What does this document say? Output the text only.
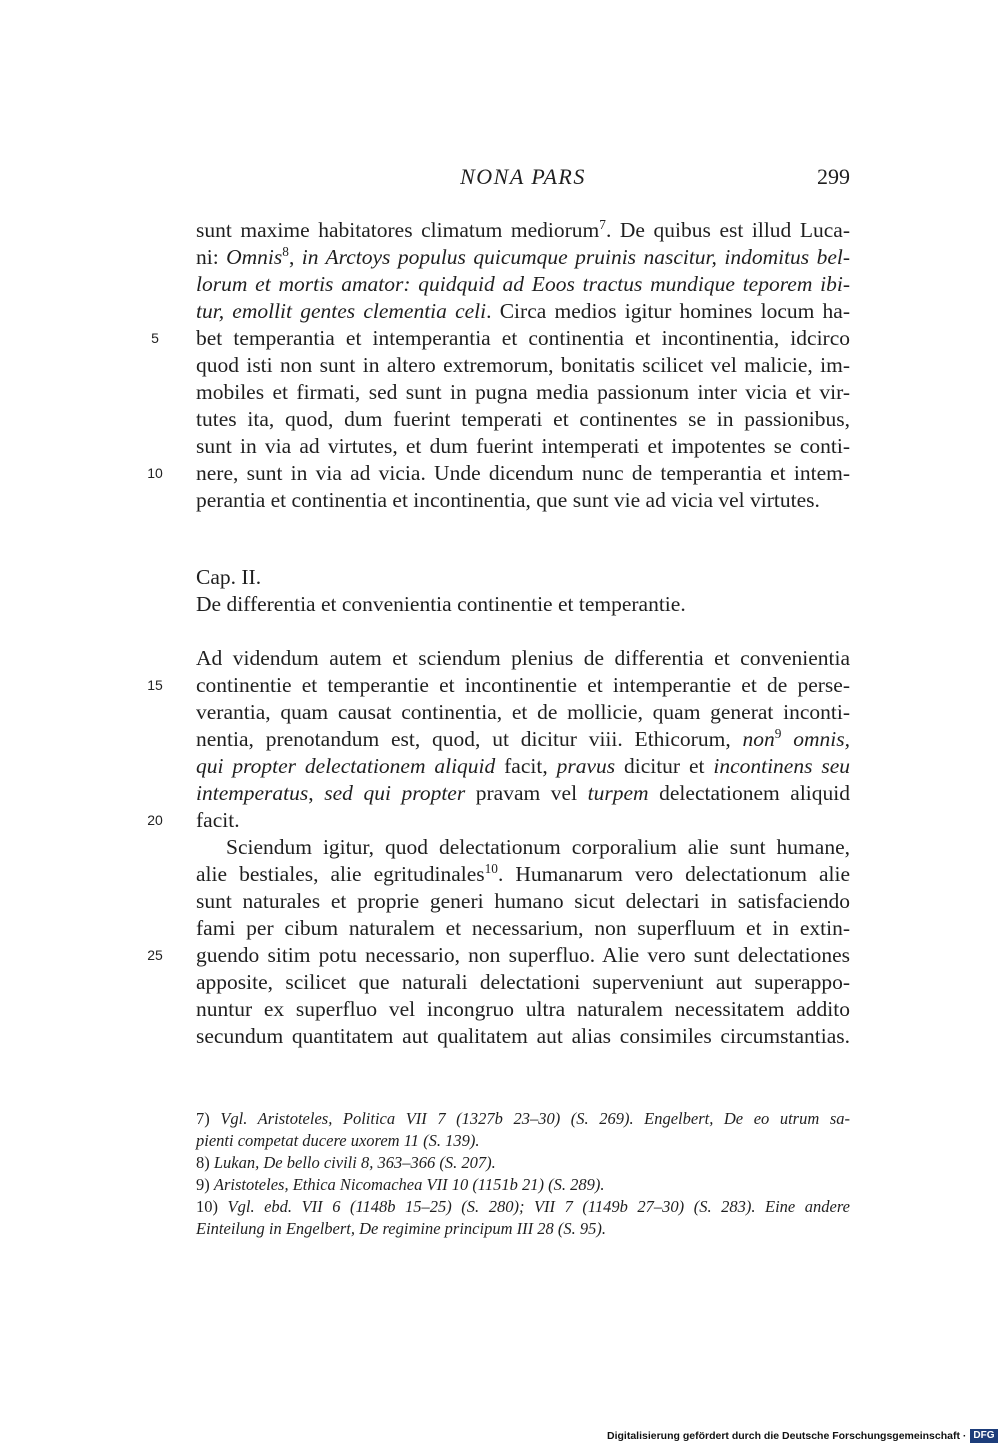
NONA PARS	299
sunt maxime habitatores climatum mediorum$^7$. De quibus est illud Luca-
ni: Omnis$^8$, in Arctoys populus quicumque pruinis nascitur, indomitus bel-
lorum et mortis amator: quidquid ad Eoos tractus mundique teporem ibi-
tur, emollit gentes clementia celi. Circa medios igitur homines locum ha-
bet temperantia et intemperantia et continentia et incontinentia, idcirco
quod isti non sunt in altero extremorum, bonitatis scilicet vel malicie, im-
mobiles et firmati, sed sunt in pugna media passionum inter vicia et vir-
tutes ita, quod, dum fuerint temperati et continentes se in passionibus,
sunt in via ad virtutes, et dum fuerint intemperati et impotentes se conti-
nere, sunt in via ad vicia. Unde dicendum nunc de temperantia et intem-
perantia et continentia et incontinentia, que sunt vie ad vicia vel virtutes.
Cap. II.
De differentia et convenientia continentie et temperantie.
Ad videndum autem et sciendum plenius de differentia et convenientia
continentie et temperantie et incontinentie et intemperantie et de perse-
verantia, quam causat continentia, et de mollicie, quam generat inconti-
nentia, prenotandum est, quod, ut dicitur viii. Ethicorum, non$^9$ omnis,
qui propter delectationem aliquid facit, pravus dicitur et incontinens seu
intemperatus, sed qui propter pravam vel turpem delectationem aliquid
facit.
Sciendum igitur, quod delectationum corporalium alie sunt humane,
alie bestiales, alie egritudinales$^{10}$. Humanarum vero delectationum alie
sunt naturales et proprie generi humano sicut delectari in satisfaciendo
fami per cibum naturalem et necessarium, non superfluum et in extin-
guendo sitim potu necessario, non superfluo. Alie vero sunt delectationes
apposite, scilicet que naturali delectationi superveniunt aut superappo-
nuntur ex superfluo vel incongruo ultra naturalem necessitatem addito
secundum quantitatem aut qualitatem aut alias consimiles circumstantias.
5
10
15
20
25
7) Vgl. Aristoteles, Politica VII 7 (1327b 23–30) (S. 269). Engelbert, De eo utrum sa-
pienti competat ducere uxorem 11 (S. 139).
8) Lukan, De bello civili 8, 363–366 (S. 207).
9) Aristoteles, Ethica Nicomachea VII 10 (1151b 21) (S. 289).
10) Vgl. ebd. VII 6 (1148b 15–25) (S. 280); VII 7 (1149b 27–30) (S. 283). Eine andere
Einteilung in Engelbert, De regimine principum III 28 (S. 95).
Digitalisierung gefördert durch die Deutsche Forschungsgemeinschaft · DFG
